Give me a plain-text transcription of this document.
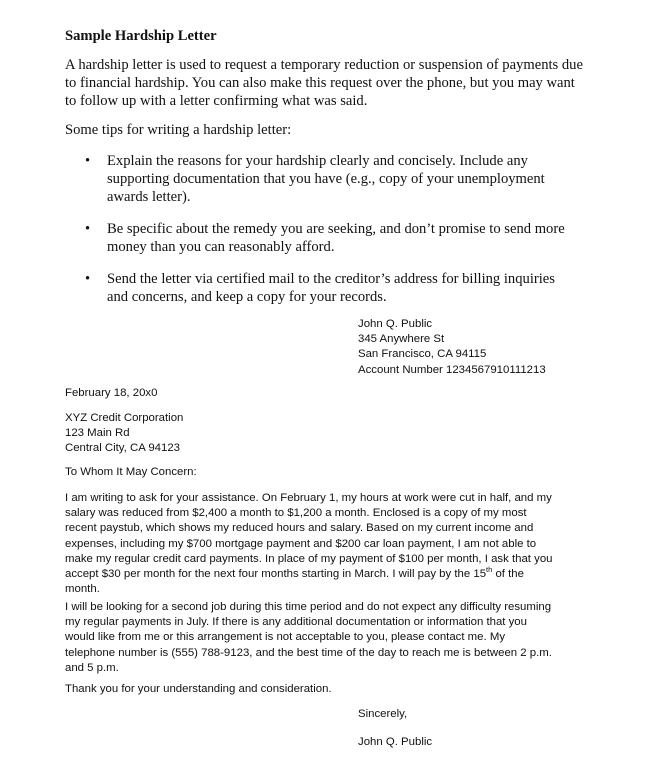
Sample Hardship Letter

A hardship letter is used to request a temporary reduction or suspension of payments due to financial hardship. You can also make this request over the phone, but you may want to follow up with a letter confirming what was said.

Some tips for writing a hardship letter:

• Explain the reasons for your hardship clearly and concisely. Include any supporting documentation that you have (e.g., copy of your unemployment awards letter).
• Be specific about the remedy you are seeking, and don’t promise to send more money than you can reasonably afford.
• Send the letter via certified mail to the creditor’s address for billing inquiries and concerns, and keep a copy for your records.
John Q. Public
345 Anywhere St
San Francisco, CA 94115
Account Number 1234567910111213
February 18, 20x0
XYZ Credit Corporation
123 Main Rd
Central City, CA 94123
To Whom It May Concern:
I am writing to ask for your assistance. On February 1, my hours at work were cut in half, and my
salary was reduced from $2,400 a month to $1,200 a month. Enclosed is a copy of my most
recent paystub, which shows my reduced hours and salary. Based on my current income and
expenses, including my $700 mortgage payment and $200 car loan payment, I am not able to
make my regular credit card payments. In place of my payment of $100 per month, I ask that you
accept $30 per month for the next four months starting in March. I will pay by the 15th of the
month.
I will be looking for a second job during this time period and do not expect any difficulty resuming
my regular payments in July. If there is any additional documentation or information that you
would like from me or this arrangement is not acceptable to you, please contact me. My
telephone number is (555) 788-9123, and the best time of the day to reach me is between 2 p.m.
and 5 p.m.
Thank you for your understanding and consideration.
Sincerely,
John Q. Public
